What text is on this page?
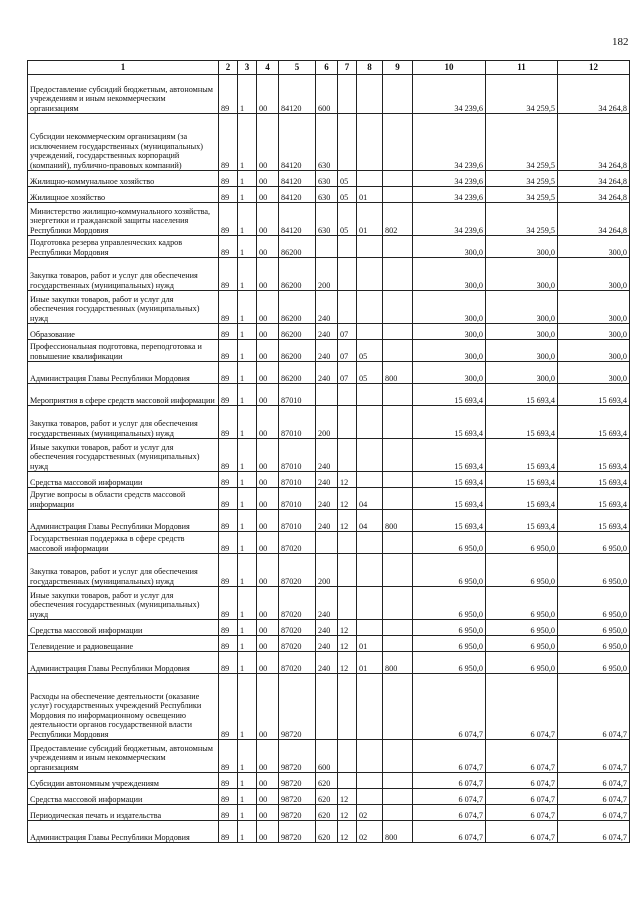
182
1	2	3	4	5	6	7	8	9	10	11	12
Предоставление субсидий бюджетным, автономным учреждениям и иным некоммерческим организациям	89	1	00	84120	600				34 239,6	34 259,5	34 264,8
Субсидии некоммерческим организациям (за исключением государственных (муниципальных) учреждений, государственных корпораций (компаний), публично-правовых компаний)	89	1	00	84120	630				34 239,6	34 259,5	34 264,8
Жилищно-коммунальное хозяйство	89	1	00	84120	630	05			34 239,6	34 259,5	34 264,8
Жилищное хозяйство	89	1	00	84120	630	05	01		34 239,6	34 259,5	34 264,8
Министерство жилищно-коммунального хозяйства, энергетики и гражданской защиты населения Республики Мордовия	89	1	00	84120	630	05	01	802	34 239,6	34 259,5	34 264,8
Подготовка резерва управленческих кадров Республики Мордовия	89	1	00	86200					300,0	300,0	300,0
Закупка товаров, работ и услуг для обеспечения государственных (муниципальных) нужд	89	1	00	86200	200				300,0	300,0	300,0
Иные закупки товаров, работ и услуг для обеспечения государственных (муниципальных) нужд	89	1	00	86200	240				300,0	300,0	300,0
Образование	89	1	00	86200	240	07			300,0	300,0	300,0
Профессиональная подготовка, переподготовка и повышение квалификации	89	1	00	86200	240	07	05		300,0	300,0	300,0
Администрация Главы Республики Мордовия	89	1	00	86200	240	07	05	800	300,0	300,0	300,0
Мероприятия в сфере средств массовой информации	89	1	00	87010					15 693,4	15 693,4	15 693,4
Закупка товаров, работ и услуг для обеспечения государственных (муниципальных) нужд	89	1	00	87010	200				15 693,4	15 693,4	15 693,4
Иные закупки товаров, работ и услуг для обеспечения государственных (муниципальных) нужд	89	1	00	87010	240				15 693,4	15 693,4	15 693,4
Средства массовой информации	89	1	00	87010	240	12			15 693,4	15 693,4	15 693,4
Другие вопросы в области средств массовой информации	89	1	00	87010	240	12	04		15 693,4	15 693,4	15 693,4
Администрация Главы Республики Мордовия	89	1	00	87010	240	12	04	800	15 693,4	15 693,4	15 693,4
Государственная поддержка в сфере средств массовой информации	89	1	00	87020					6 950,0	6 950,0	6 950,0
Закупка товаров, работ и услуг для обеспечения государственных (муниципальных) нужд	89	1	00	87020	200				6 950,0	6 950,0	6 950,0
Иные закупки товаров, работ и услуг для обеспечения государственных (муниципальных) нужд	89	1	00	87020	240				6 950,0	6 950,0	6 950,0
Средства массовой информации	89	1	00	87020	240	12			6 950,0	6 950,0	6 950,0
Телевидение и радиовещание	89	1	00	87020	240	12	01		6 950,0	6 950,0	6 950,0
Администрация Главы Республики Мордовия	89	1	00	87020	240	12	01	800	6 950,0	6 950,0	6 950,0
Расходы на обеспечение деятельности (оказание услуг) государственных учреждений Республики Мордовия по информационному освещению деятельности органов государственной власти Республики Мордовия	89	1	00	98720					6 074,7	6 074,7	6 074,7
Предоставление субсидий бюджетным, автономным учреждениям и иным некоммерческим организациям	89	1	00	98720	600				6 074,7	6 074,7	6 074,7
Субсидии автономным учреждениям	89	1	00	98720	620				6 074,7	6 074,7	6 074,7
Средства массовой информации	89	1	00	98720	620	12			6 074,7	6 074,7	6 074,7
Периодическая печать и издательства	89	1	00	98720	620	12	02		6 074,7	6 074,7	6 074,7
Администрация Главы Республики Мордовия	89	1	00	98720	620	12	02	800	6 074,7	6 074,7	6 074,7
